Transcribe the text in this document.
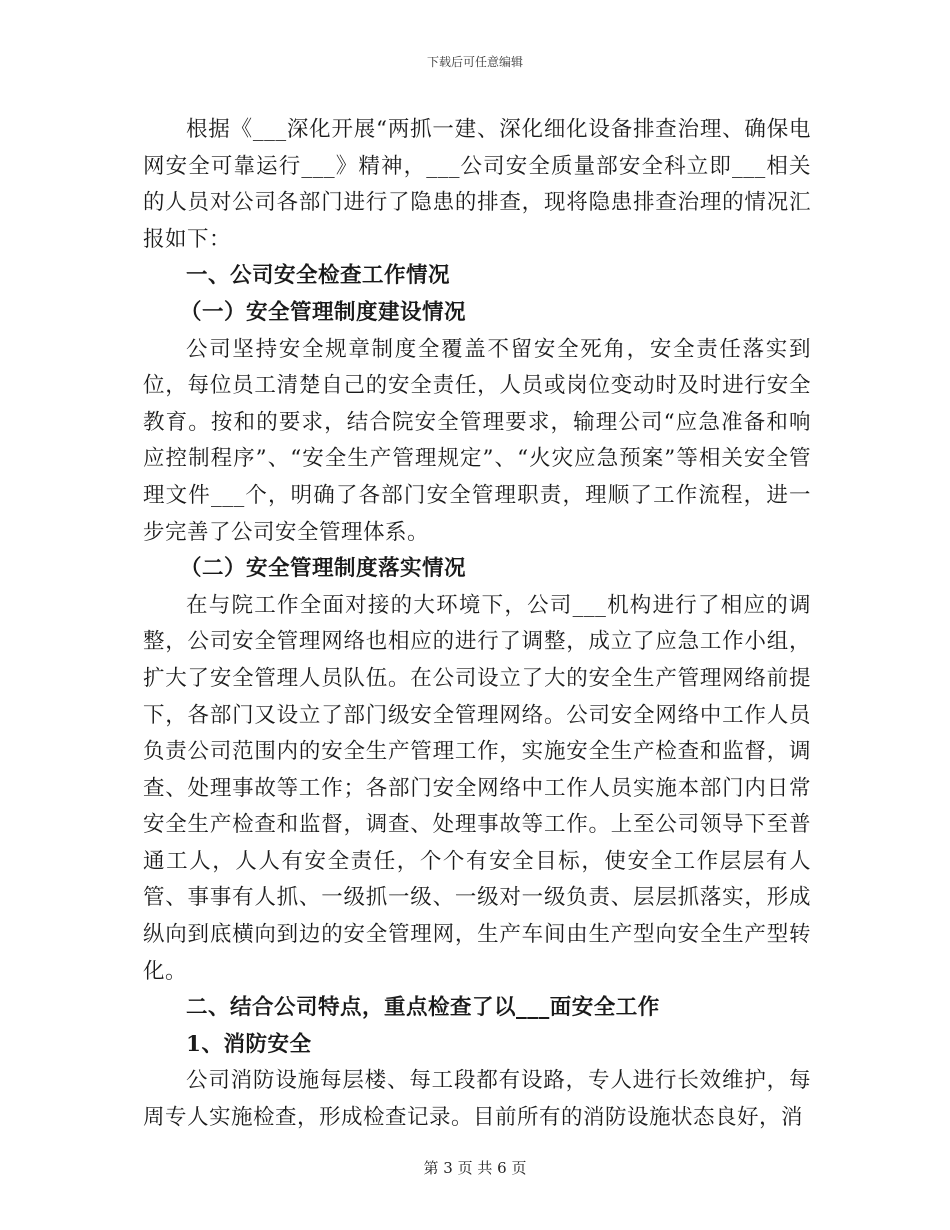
下载后可任意编辑

根据《___深化开展“两抓一建、深化细化设备排查治理、确保电网安全可靠运行___》精神，___公司安全质量部安全科立即___相关的人员对公司各部门进行了隐患的排查，现将隐患排查治理的情况汇报如下：

一、公司安全检查工作情况

（一）安全管理制度建设情况

公司坚持安全规章制度全覆盖不留安全死角，安全责任落实到位，每位员工清楚自己的安全责任，人员或岗位变动时及时进行安全教育。按和的要求，结合院安全管理要求，输理公司“应急准备和响应控制程序”、“安全生产管理规定”、“火灾应急预案”等相关安全管理文件___个，明确了各部门安全管理职责，理顺了工作流程，进一步完善了公司安全管理体系。

（二）安全管理制度落实情况

在与院工作全面对接的大环境下，公司___机构进行了相应的调整，公司安全管理网络也相应的进行了调整，成立了应急工作小组，扩大了安全管理人员队伍。在公司设立了大的安全生产管理网络前提下，各部门又设立了部门级安全管理网络。公司安全网络中工作人员负责公司范围内的安全生产管理工作，实施安全生产检查和监督，调查、处理事故等工作；各部门安全网络中工作人员实施本部门内日常安全生产检查和监督，调查、处理事故等工作。上至公司领导下至普通工人，人人有安全责任，个个有安全目标，使安全工作层层有人管、事事有人抓、一级抓一级、一级对一级负责、层层抓落实，形成纵向到底横向到边的安全管理网，生产车间由生产型向安全生产型转化。

二、结合公司特点，重点检查了以___面安全工作

1、消防安全

公司消防设施每层楼、每工段都有设路，专人进行长效维护，每周专人实施检查，形成检查记录。目前所有的消防设施状态良好，消

第 3 页 共 6 页
